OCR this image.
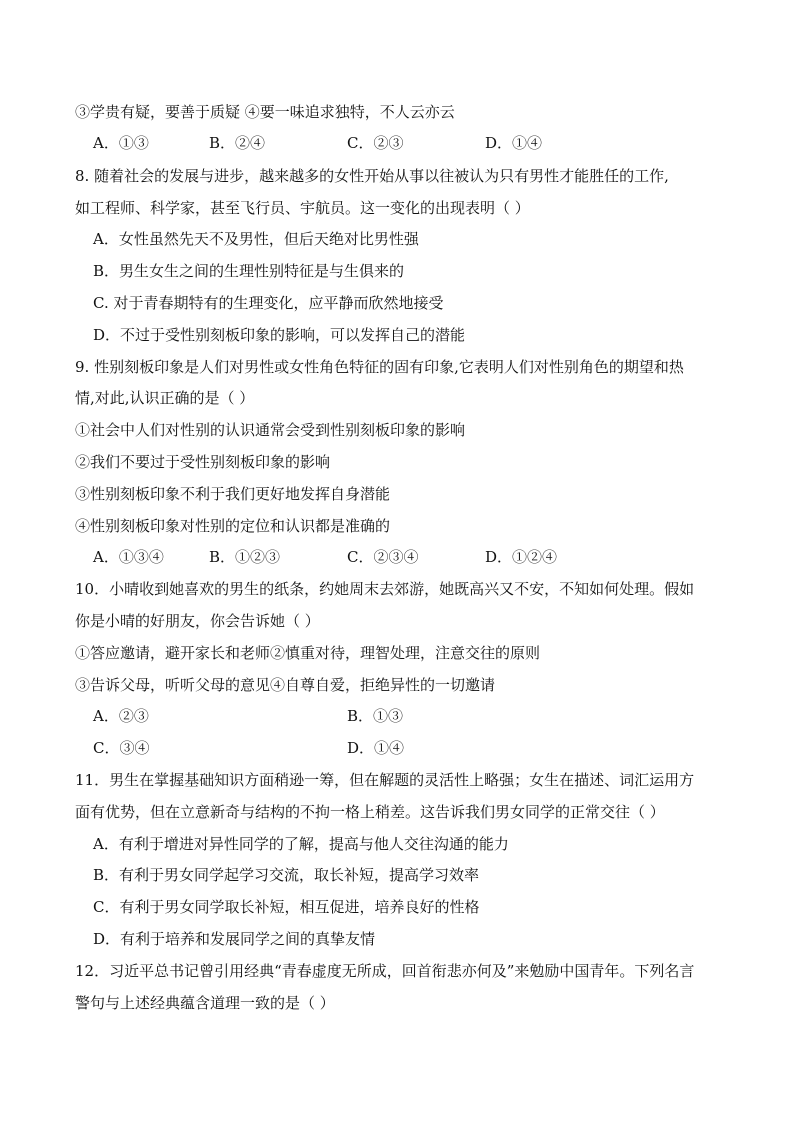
③学贵有疑，要善于质疑 ④要一味追求独特，不人云亦云
A．①③	B．②④	C．②③	D．①④
8. 随着社会的发展与进步，越来越多的女性开始从事以往被认为只有男性才能胜任的工作,
如工程师、科学家，甚至飞行员、宇航员。这一变化的出现表明（ ）
A．女性虽然先天不及男性，但后天绝对比男性强
B．男生女生之间的生理性别特征是与生俱来的
C. 对于青春期特有的生理变化，应平静而欣然地接受
D．不过于受性别刻板印象的影响，可以发挥自己的潜能
9. 性别刻板印象是人们对男性或女性角色特征的固有印象,它表明人们对性别角色的期望和热
情,对此,认识正确的是（ ）
①社会中人们对性别的认识通常会受到性别刻板印象的影响
②我们不要过于受性别刻板印象的影响
③性别刻板印象不利于我们更好地发挥自身潜能
④性别刻板印象对性别的定位和认识都是准确的
A．①③④	B．①②③	C．②③④	D．①②④
10．小晴收到她喜欢的男生的纸条，约她周末去郊游，她既高兴又不安，不知如何处理。假如
你是小晴的好朋友，你会告诉她（ ）
①答应邀请，避开家长和老师②慎重对待，理智处理，注意交往的原则
③告诉父母，听听父母的意见④自尊自爱，拒绝异性的一切邀请
A．②③	B．①③
C．③④	D．①④
11．男生在掌握基础知识方面稍逊一筹，但在解题的灵活性上略强；女生在描述、词汇运用方
面有优势，但在立意新奇与结构的不拘一格上稍差。这告诉我们男女同学的正常交往（ ）
A．有利于增进对异性同学的了解，提高与他人交往沟通的能力
B．有利于男女同学起学习交流，取长补短，提高学习效率
C．有利于男女同学取长补短，相互促进，培养良好的性格
D．有利于培养和发展同学之间的真挚友情
12．习近平总书记曾引用经典“青春虚度无所成，回首衔悲亦何及”来勉励中国青年。下列名言
警句与上述经典蕴含道理一致的是（ ）
